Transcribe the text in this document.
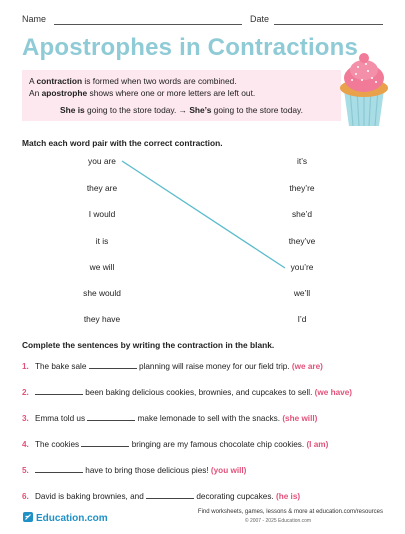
Name	Date
Apostrophes in Contractions
A contraction is formed when two words are combined.
An apostrophe shows where one or more letters are left out.
She is going to the store today. → She’s going to the store today.
Match each word pair with the correct contraction.
you are
they are
I would
it is
we will
she would
they have
it’s
they’re
she’d
they’ve
you’re
we’ll
I’d
Complete the sentences by writing the contraction in the blank.
1. The bake sale	planning will raise money for our field trip. (we are)
2.	been baking delicious cookies, brownies, and cupcakes to sell. (we have)
3. Emma told us	make lemonade to sell with the snacks. (she will)
4. The cookies	bringing are my famous chocolate chip cookies. (I am)
5.	have to bring those delicious pies! (you will)
6. David is baking brownies, and	decorating cupcakes. (he is)
Education.com
Find worksheets, games, lessons & more at education.com/resources
© 2007 - 2025 Education.com
